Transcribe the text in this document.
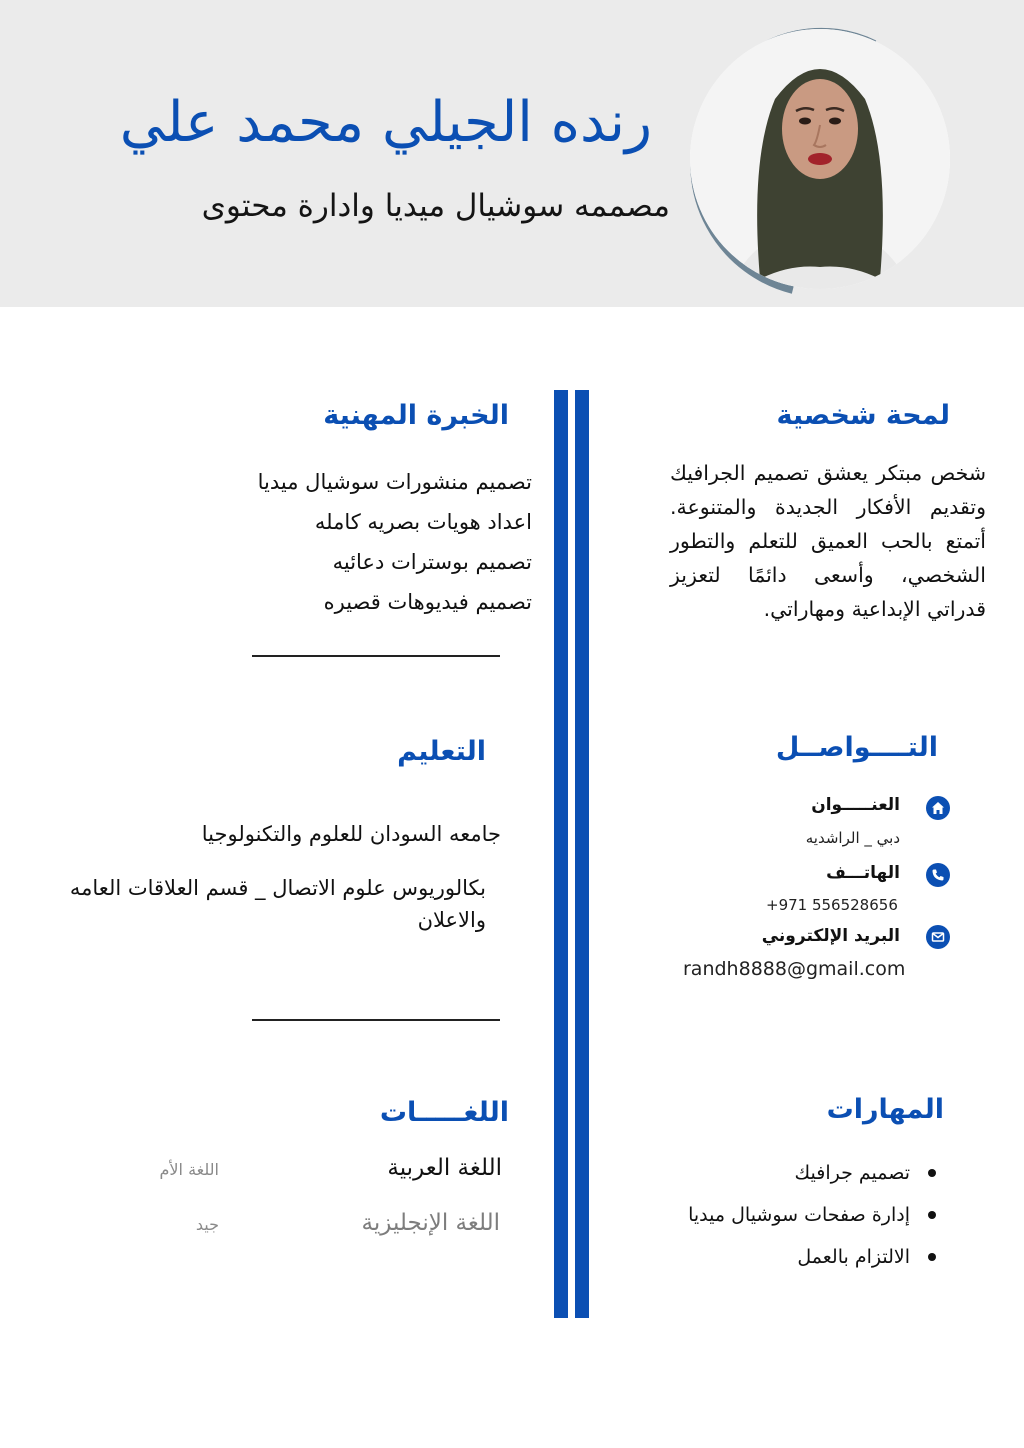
رنده الجيلي محمد علي
مصممه سوشيال ميديا وادارة محتوى
لمحة شخصية
شخص مبتكر يعشق تصميم الجرافيك وتقديم الأفكار الجديدة والمتنوعة. أتمتع بالحب العميق للتعلم والتطور الشخصي، وأسعى دائمًا لتعزيز قدراتي الإبداعية ومهاراتي.
الخبرة المهنية
تصميم منشورات سوشيال ميديا
اعداد هويات بصريه كامله
تصميم بوسترات دعائيه
تصميم فيديوهات قصيره
التــــواصــل
العنـــــوان
دبي _ الراشديه
الهاتـــف
+971 556528656
البريد الإلكتروني
randh8888@gmail.com
التعليم
جامعه السودان للعلوم والتكنولوجيا
بكالوريوس علوم الاتصال _ قسم العلاقات العامه والاعلان
المهارات
تصميم جرافيك
إدارة صفحات سوشيال ميديا
الالتزام بالعمل
اللغـــــات
اللغة العربية
اللغة الأم
اللغة الإنجليزية
جيد
